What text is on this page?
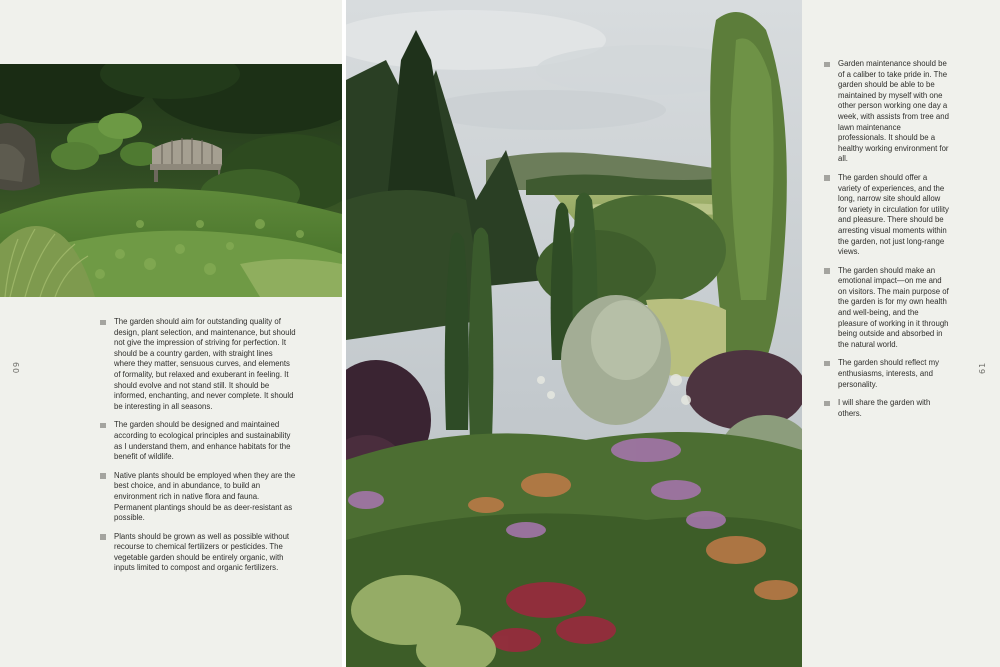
60	61
The garden should aim for outstanding quality of design, plant selection, and maintenance, but should not give the impression of striving for perfection. It should be a country garden, with straight lines where they matter, sensuous curves, and elements of formality, but relaxed and exuberant in feeling. It should evolve and not stand still. It should be informed, enchanting, and never complete. It should be interesting in all seasons.
The garden should be designed and maintained according to ecological principles and sustainability as I understand them, and enhance habitats for the benefit of wildlife.
Native plants should be employed when they are the best choice, and in abundance, to build an environment rich in native flora and fauna. Permanent plantings should be as deer-resistant as possible.
Plants should be grown as well as possible without recourse to chemical fertilizers or pesticides. The vegetable garden should be entirely organic, with inputs limited to compost and organic fertilizers.
Garden maintenance should be of a caliber to take pride in. The garden should be able to be maintained by myself with one other person working one day a week, with assists from tree and lawn maintenance professionals. It should be a healthy working environment for all.
The garden should offer a variety of experiences, and the long, narrow site should allow for variety in circulation for utility and pleasure. There should be arresting visual moments within the garden, not just long-range views.
The garden should make an emotional impact—on me and on visitors. The main purpose of the garden is for my own health and well-being, and the pleasure of working in it through being outside and absorbed in the natural world.
The garden should reflect my enthusiasms, interests, and personality.
I will share the garden with others.
